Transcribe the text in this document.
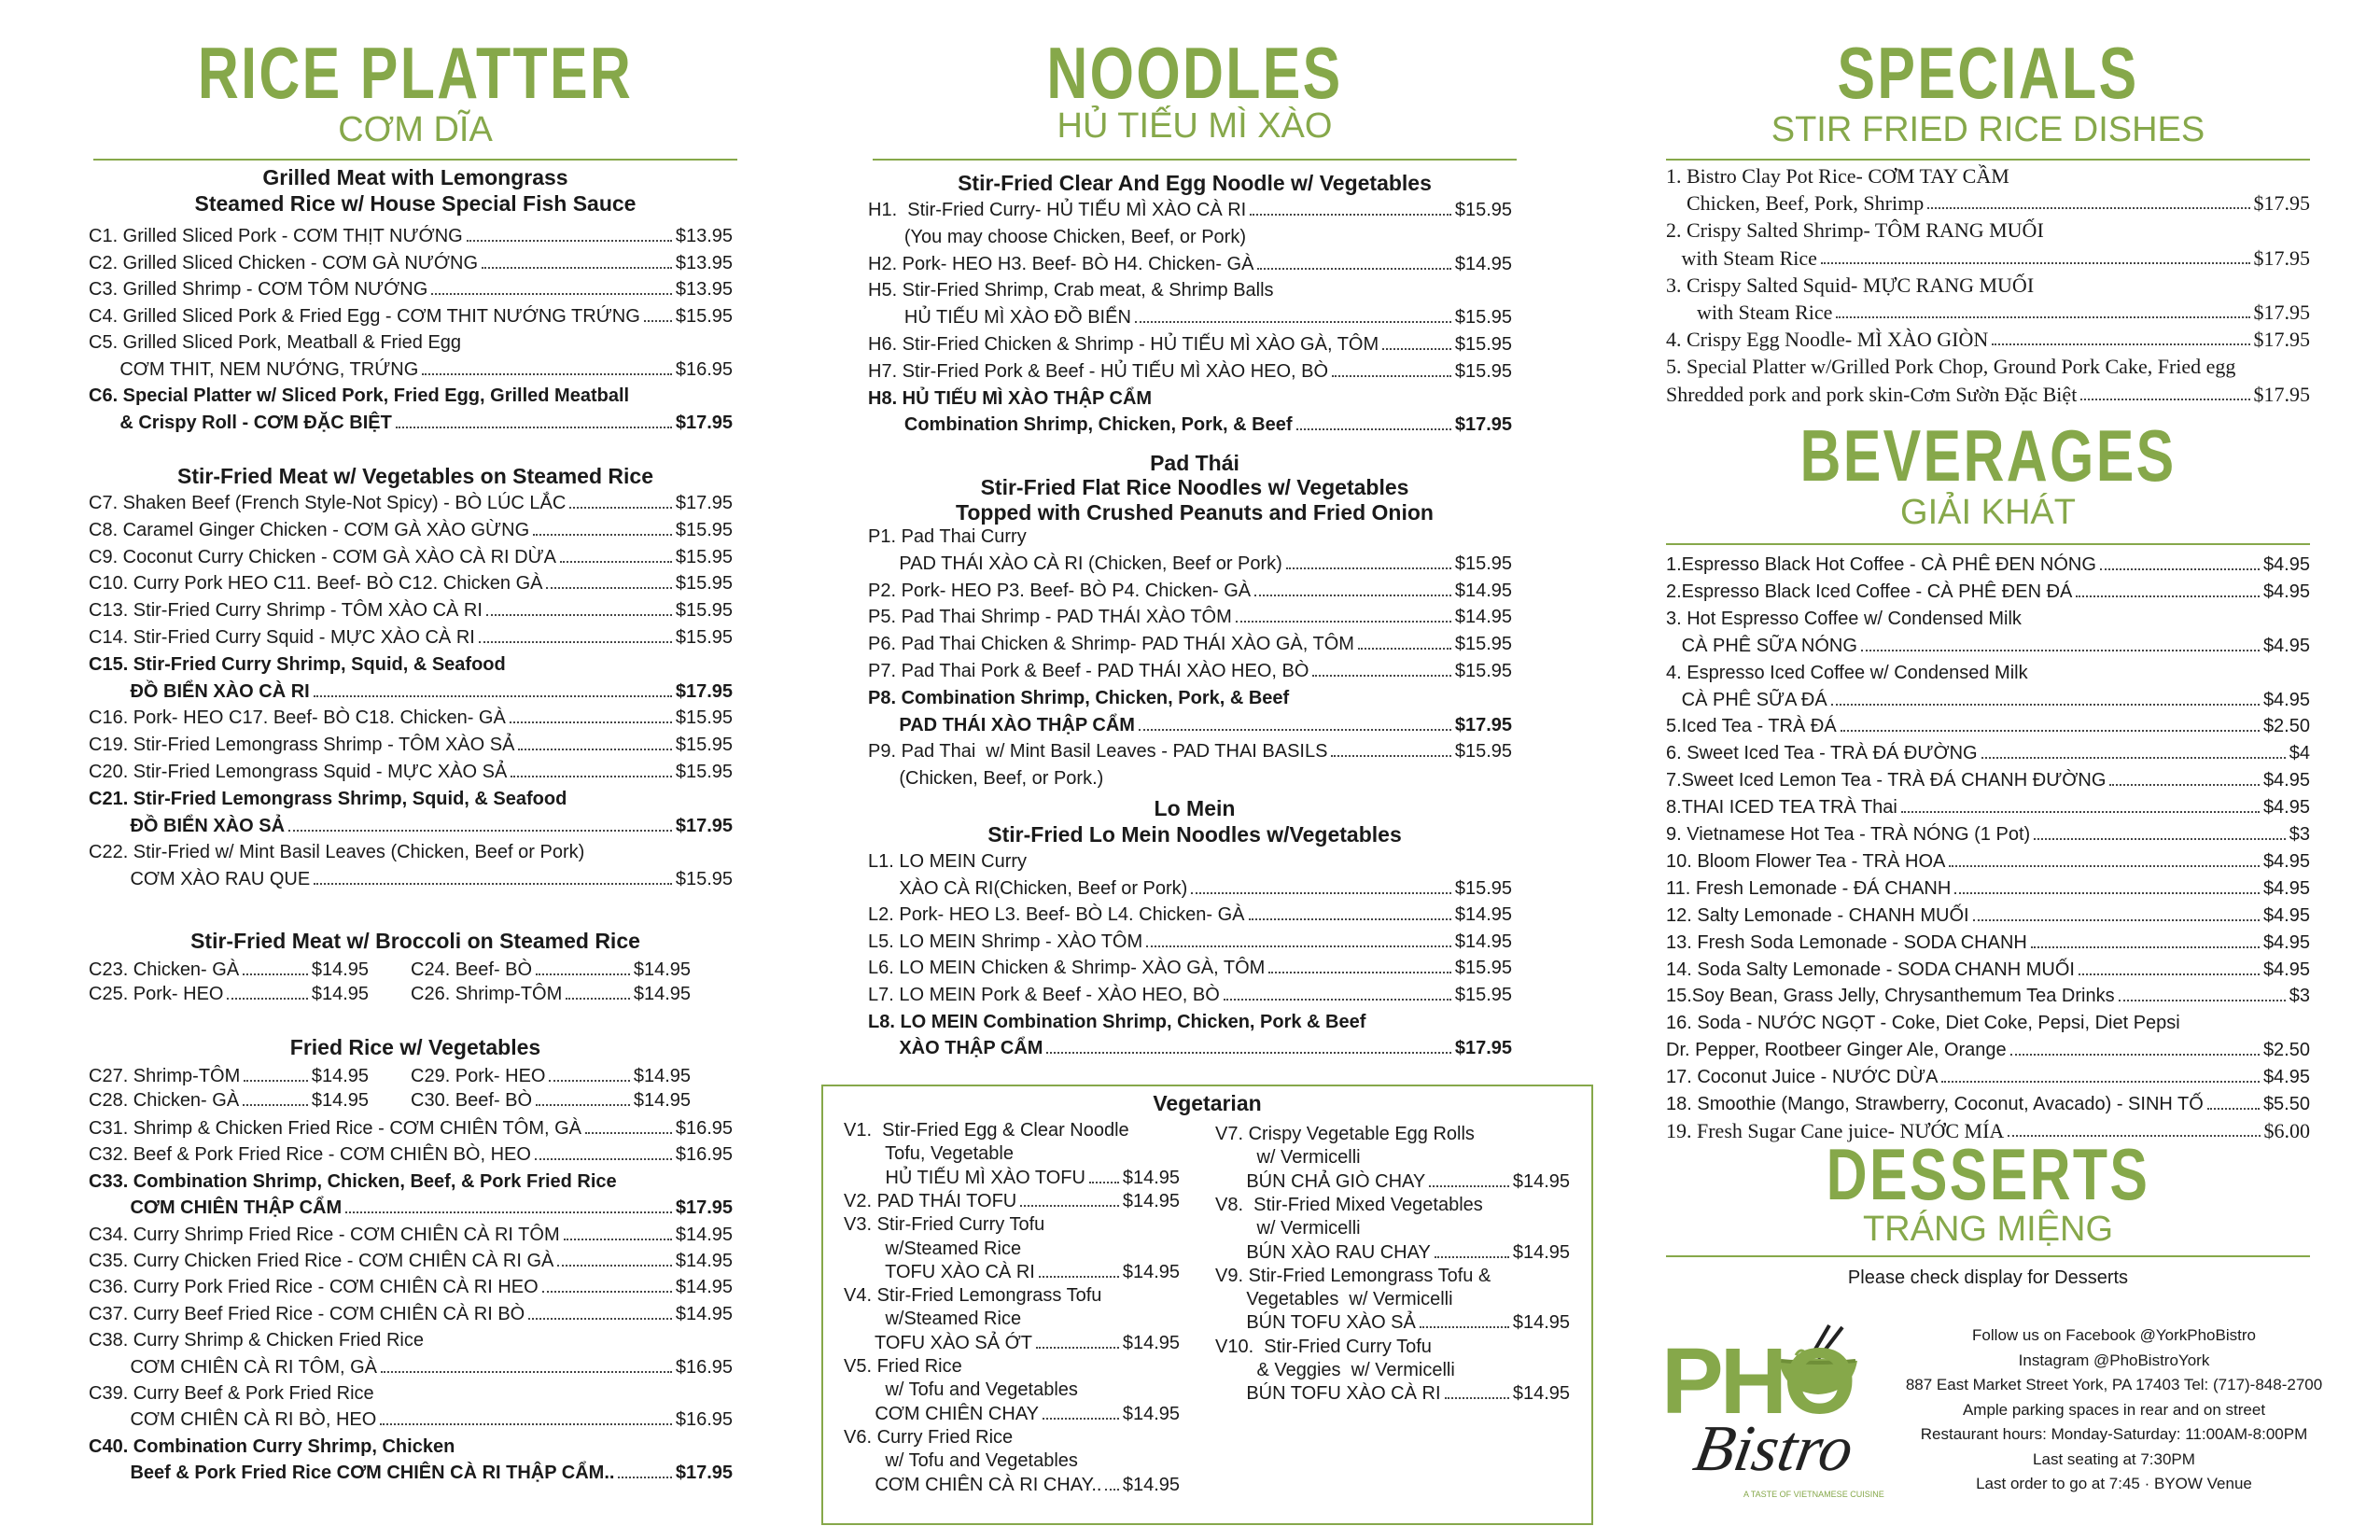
RICE PLATTER
CƠM DĨA
Grilled Meat with Lemongrass
Steamed Rice w/ House Special Fish Sauce
C1. Grilled Sliced Pork - CƠM THỊT NƯỚNG	$13.95
C2. Grilled Sliced Chicken - CƠM GÀ NƯỚNG	$13.95
C3. Grilled Shrimp - CƠM TÔM NƯỚNG	$13.95
C4. Grilled Sliced Pork & Fried Egg - CƠM THIT NƯỚNG TRỨNG $15.95
C5. Grilled Sliced Pork, Meatball & Fried Egg
CƠM THIT, NEM NƯỚNG, TRỨNG	$16.95
C6. Special Platter w/ Sliced Pork, Fried Egg, Grilled Meatball
& Crispy Roll - CƠM ĐẶC BIỆT	$17.95
Stir-Fried Meat w/ Vegetables on Steamed Rice
C7. Shaken Beef (French Style-Not Spicy) - BÒ LÚC LẮC	$17.95
C8. Caramel Ginger Chicken - CƠM GÀ XÀO GỪNG	$15.95
C9. Coconut Curry Chicken - CƠM GÀ XÀO CÀ RI DỪA	$15.95
C10. Curry Pork HEO C11. Beef- BÒ C12. Chicken GÀ	$15.95
C13. Stir-Fried Curry Shrimp - TÔM XÀO CÀ RI	$15.95
C14. Stir-Fried Curry Squid - MỰC XÀO CÀ RI	$15.95
C15. Stir-Fried Curry Shrimp, Squid, & Seafood
ĐỒ BIỂN XÀO CÀ RI	$17.95
C16. Pork- HEO C17. Beef- BÒ C18. Chicken- GÀ	$15.95
C19. Stir-Fried Lemongrass Shrimp - TÔM XÀO SẢ	$15.95
C20. Stir-Fried Lemongrass Squid - MỰC XÀO SẢ	$15.95
C21. Stir-Fried Lemongrass Shrimp, Squid, & Seafood
ĐỒ BIỂN XÀO SẢ	$17.95
C22. Stir-Fried w/ Mint Basil Leaves (Chicken, Beef or Pork)
CƠM XÀO RAU QUE	$15.95
Stir-Fried Meat w/ Broccoli on Steamed Rice
C23. Chicken- GÀ	$14.95 C24. Beef- BÒ	$14.95
C25. Pork- HEO	$14.95 C26. Shrimp-TÔM	$14.95
Fried Rice w/ Vegetables
C27. Shrimp-TÔM	$14.95 C29. Pork- HEO	$14.95
C28. Chicken- GÀ	$14.95 C30. Beef- BÒ	$14.95
C31. Shrimp & Chicken Fried Rice - CƠM CHIÊN TÔM, GÀ	$16.95
C32. Beef & Pork Fried Rice - CƠM CHIÊN BÒ, HEO	$16.95
C33. Combination Shrimp, Chicken, Beef, & Pork Fried Rice
CƠM CHIÊN THẬP CẨM	$17.95
C34. Curry Shrimp Fried Rice - CƠM CHIÊN CÀ RI TÔM	$14.95
C35. Curry Chicken Fried Rice - CƠM CHIÊN CÀ RI GÀ	$14.95
C36. Curry Pork Fried Rice - CƠM CHIÊN CÀ RI HEO	$14.95
C37. Curry Beef Fried Rice - CƠM CHIÊN CÀ RI BÒ	$14.95
C38. Curry Shrimp & Chicken Fried Rice
CƠM CHIÊN CÀ RI TÔM, GÀ	$16.95
C39. Curry Beef & Pork Fried Rice
CƠM CHIÊN CÀ RI BÒ, HEO	$16.95
C40. Combination Curry Shrimp, Chicken
Beef & Pork Fried Rice CƠM CHIÊN CÀ RI THẬP CẨM..	$17.95
NOODLES
HỦ TIẾU MÌ XÀO
Stir-Fried Clear And Egg Noodle w/ Vegetables
H1.  Stir-Fried Curry- HỦ TIẾU MÌ XÀO CÀ RI	$15.95
(You may choose Chicken, Beef, or Pork)
H2. Pork- HEO H3. Beef- BÒ H4. Chicken- GÀ	$14.95
H5. Stir-Fried Shrimp, Crab meat, & Shrimp Balls
HỦ TIẾU MÌ XÀO ĐỒ BIỂN	$15.95
H6. Stir-Fried Chicken & Shrimp - HỦ TIẾU MÌ XÀO GÀ, TÔM	$15.95
H7. Stir-Fried Pork & Beef - HỦ TIẾU MÌ XÀO HEO, BÒ	$15.95
H8. HỦ TIẾU MÌ XÀO THẬP CẨM
Combination Shrimp, Chicken, Pork, & Beef	$17.95
Pad Thái
Stir-Fried Flat Rice Noodles w/ Vegetables
Topped with Crushed Peanuts and Fried Onion
P1. Pad Thai Curry
PAD THÁI XÀO CÀ RI (Chicken, Beef or Pork)	$15.95
P2. Pork- HEO P3. Beef- BÒ P4. Chicken- GÀ	$14.95
P5. Pad Thai Shrimp - PAD THÁI XÀO TÔM	$14.95
P6. Pad Thai Chicken & Shrimp- PAD THÁI XÀO GÀ, TÔM	$15.95
P7. Pad Thai Pork & Beef - PAD THÁI XÀO HEO, BÒ	$15.95
P8. Combination Shrimp, Chicken, Pork, & Beef
PAD THÁI XÀO THẬP CẨM	$17.95
P9. Pad Thai  w/ Mint Basil Leaves - PAD THAI BASILS	$15.95
(Chicken, Beef, or Pork.)
Lo Mein
Stir-Fried Lo Mein Noodles w/Vegetables
L1. LO MEIN Curry
XÀO CÀ RI(Chicken, Beef or Pork)	$15.95
L2. Pork- HEO L3. Beef- BÒ L4. Chicken- GÀ	$14.95
L5. LO MEIN Shrimp - XÀO TÔM	$14.95
L6. LO MEIN Chicken & Shrimp- XÀO GÀ, TÔM	$15.95
L7. LO MEIN Pork & Beef - XÀO HEO, BÒ	$15.95
L8. LO MEIN Combination Shrimp, Chicken, Pork & Beef
XÀO THẬP CẨM	$17.95
Vegetarian
V1.  Stir-Fried Egg & Clear Noodle
Tofu, Vegetable
HỦ TIẾU MÌ XÀO TOFU $14.95
V2. PAD THÁI TOFU	$14.95
V3. Stir-Fried Curry Tofu
w/Steamed Rice
TOFU XÀO CÀ RI	$14.95
V4. Stir-Fried Lemongrass Tofu
w/Steamed Rice
TOFU XÀO SẢ ỚT	$14.95
V5. Fried Rice
w/ Tofu and Vegetables
CƠM CHIÊN CHAY	$14.95
V6. Curry Fried Rice
w/ Tofu and Vegetables
CƠM CHIÊN CÀ RI CHAY.. $14.95
V7. Crispy Vegetable Egg Rolls
w/ Vermicelli
BÚN CHẢ GIÒ CHAY	$14.95
V8.  Stir-Fried Mixed Vegetables
w/ Vermicelli
BÚN XÀO RAU CHAY	$14.95
V9. Stir-Fried Lemongrass Tofu &
Vegetables  w/ Vermicelli
BÚN TOFU XÀO SẢ	$14.95
V10.  Stir-Fried Curry Tofu
& Veggies  w/ Vermicelli
BÚN TOFU XÀO CÀ RI	$14.95
SPECIALS
STIR FRIED RICE DISHES
1. Bistro Clay Pot Rice- CƠM TAY CẦM
Chicken, Beef, Pork, Shrimp	$17.95
2. Crispy Salted Shrimp- TÔM RANG MUỐI
with Steam Rice	$17.95
3. Crispy Salted Squid- MỰC RANG MUỐI
with Steam Rice	$17.95
4. Crispy Egg Noodle- MÌ XÀO GIÒN	$17.95
5. Special Platter w/Grilled Pork Chop, Ground Pork Cake, Fried egg
Shredded pork and pork skin-Cơm Sườn Đặc Biệt	$17.95
BEVERAGES
GIẢI KHÁT
1.Espresso Black Hot Coffee - CÀ PHÊ ĐEN NÓNG	$4.95
2.Espresso Black Iced Coffee - CÀ PHÊ ĐEN ĐÁ	$4.95
3. Hot Espresso Coffee w/ Condensed Milk
CÀ PHÊ SỮA NÓNG	$4.95
4. Espresso Iced Coffee w/ Condensed Milk
CÀ PHÊ SỮA ĐÁ	$4.95
5.Iced Tea - TRÀ ĐÁ	$2.50
6. Sweet Iced Tea - TRÀ ĐÁ ĐƯỜNG	$4
7.Sweet Iced Lemon Tea - TRÀ ĐÁ CHANH ĐƯỜNG	$4.95
8.THAI ICED TEA TRÀ Thai	$4.95
9. Vietnamese Hot Tea - TRÀ NÓNG (1 Pot)	$3
10. Bloom Flower Tea - TRÀ HOA	$4.95
11. Fresh Lemonade - ĐÁ CHANH	$4.95
12. Salty Lemonade - CHANH MUỐI	$4.95
13. Fresh Soda Lemonade - SODA CHANH	$4.95
14. Soda Salty Lemonade - SODA CHANH MUỐI	$4.95
15.Soy Bean, Grass Jelly, Chrysanthemum Tea Drinks	$3
16. Soda - NƯỚC NGỌT - Coke, Diet Coke, Pepsi, Diet Pepsi
Dr. Pepper, Rootbeer Ginger Ale, Orange	$2.50
17. Coconut Juice - NƯỚC DỪA	$4.95
18. Smoothie (Mango, Strawberry, Coconut, Avacado) - SINH TỐ	$5.50
19. Fresh Sugar Cane juice- NƯỚC MÍA	$6.00
DESSERTS
TRÁNG MIỆNG
Please check display for Desserts
PHO
Bistro
A TASTE OF VIETNAMESE CUISINE
Follow us on Facebook @YorkPhoBistro
Instagram @PhoBistroYork
887 East Market Street York, PA 17403 Tel: (717)-848-2700
Ample parking spaces in rear and on street
Restaurant hours: Monday-Saturday: 11:00AM-8:00PM
Last seating at 7:30PM
Last order to go at 7:45 · BYOW Venue
